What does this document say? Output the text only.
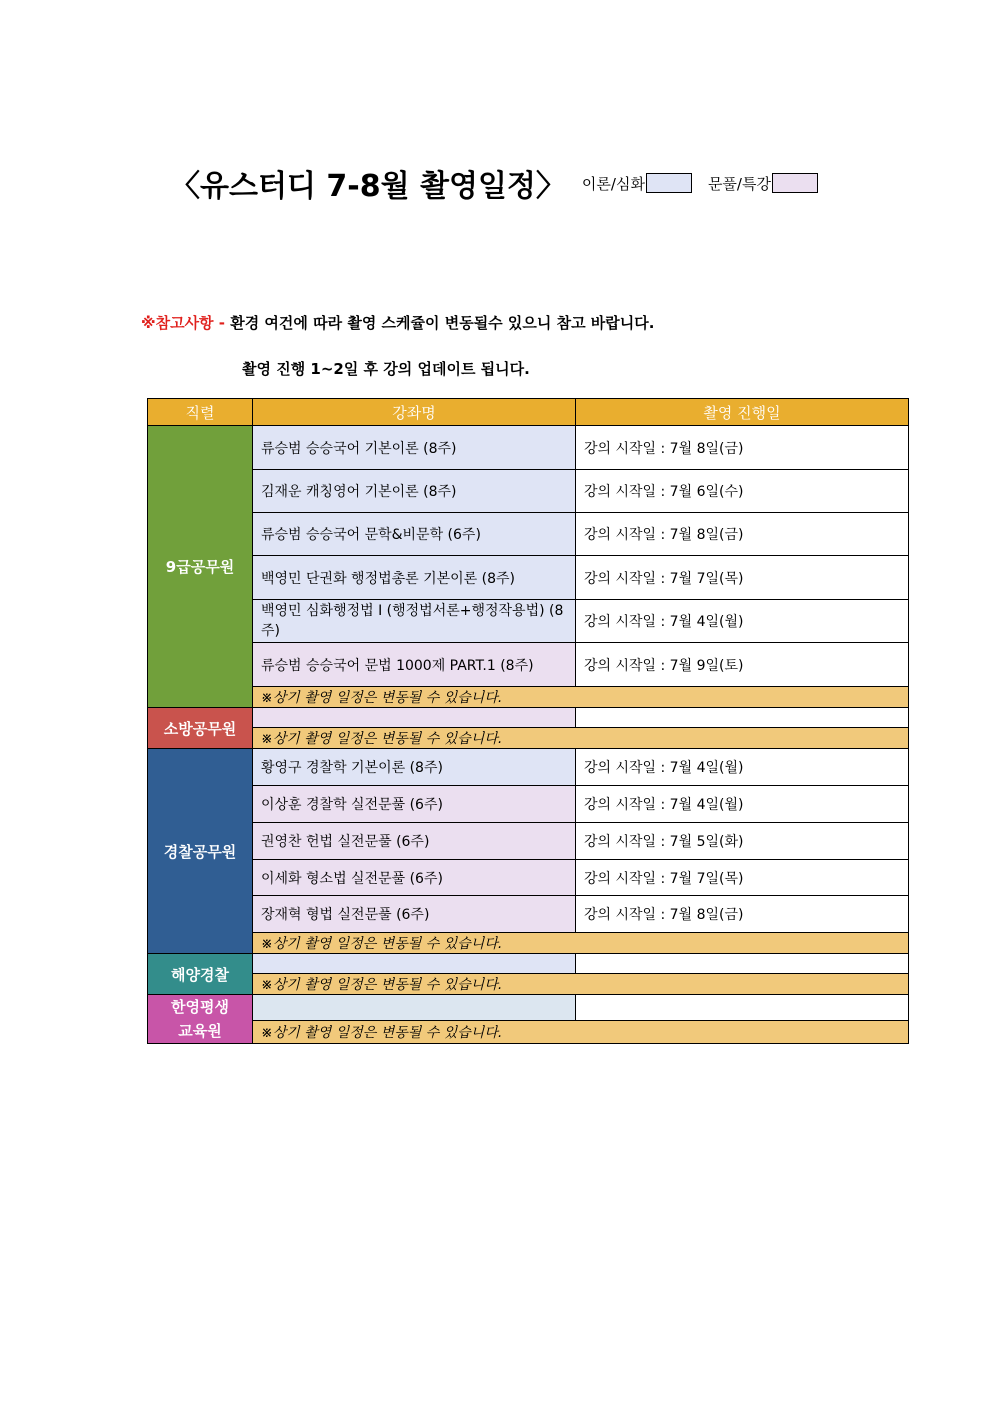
〈유스터디 7-8월 촬영일정〉 이론/심화	문풀/특강
※참고사항 - 환경 여건에 따라 촬영 스케쥴이 변동될수 있으니 참고 바랍니다.
촬영 진행 1~2일 후 강의 업데이트 됩니다.
직렬	강좌명	촬영 진행일
9급공무원	류승범 승승국어 기본이론 (8주)	강의 시작일 : 7월 8일(금)
	김재운 캐칭영어 기본이론 (8주)	강의 시작일 : 7월 6일(수)
	류승범 승승국어 문학&비문학 (6주)	강의 시작일 : 7월 8일(금)
	백영민 단권화 행정법총론 기본이론 (8주)	강의 시작일 : 7월 7일(목)
	백영민 심화행정법 Ⅰ (행정법서론+행정작용법) (8주)	강의 시작일 : 7월 4일(월)
	류승범 승승국어 문법 1000제 PART.1 (8주)	강의 시작일 : 7월 9일(토)
	※상기 촬영 일정은 변동될 수 있습니다.	
소방공무원		
	※상기 촬영 일정은 변동될 수 있습니다.	
경찰공무원	황영구 경찰학 기본이론 (8주)	강의 시작일 : 7월 4일(월)
	이상훈 경찰학 실전문풀 (6주)	강의 시작일 : 7월 4일(월)
	권영찬 헌법 실전문풀 (6주)	강의 시작일 : 7월 5일(화)
	이세화 형소법 실전문풀 (6주)	강의 시작일 : 7월 7일(목)
	장재혁 형법 실전문풀 (6주)	강의 시작일 : 7월 8일(금)
	※상기 촬영 일정은 변동될 수 있습니다.	
해양경찰		
	※상기 촬영 일정은 변동될 수 있습니다.	

한영평생
교육원		

	※상기 촬영 일정은 변동될 수 있습니다.	
